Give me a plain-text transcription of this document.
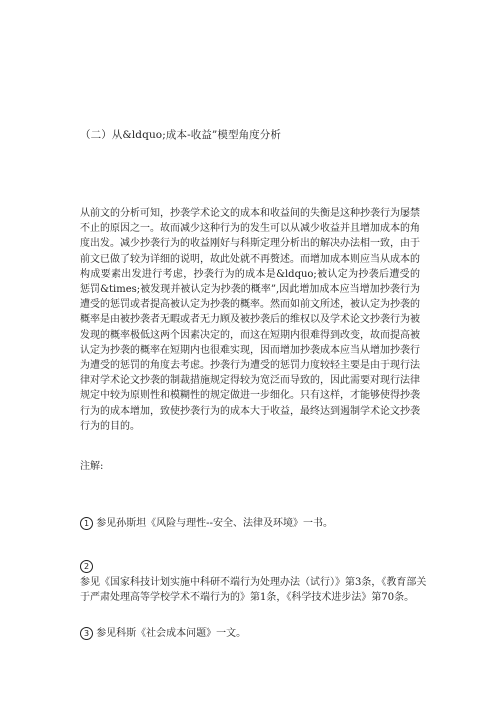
（二）从&ldquo;成本-收益”模型角度分析

从前文的分析可知，抄袭学术论文的成本和收益间的失衡是这种抄袭行为屡禁不止的原因之一。故而减少这种行为的发生可以从减少收益并且增加成本的角度出发。减少抄袭行为的收益刚好与科斯定理分析出的解决办法相一致，由于前文已做了较为详细的说明，故此处就不再赘述。而增加成本则应当从成本的构成要素出发进行考虑，抄袭行为的成本是&ldquo;被认定为抄袭后遭受的惩罚&times;被发现并被认定为抄袭的概率”,因此增加成本应当增加抄袭行为遭受的惩罚或者提高被认定为抄袭的概率。然而如前文所述，被认定为抄袭的概率是由被抄袭者无暇或者无力顾及被抄袭后的维权以及学术论文抄袭行为被发现的概率极低这两个因素决定的，而这在短期内很难得到改变，故而提高被认定为抄袭的概率在短期内也很难实现，因而增加抄袭成本应当从增加抄袭行为遭受的惩罚的角度去考虑。抄袭行为遭受的惩罚力度较轻主要是由于现行法律对学术论文抄袭的制裁措施规定得较为宽泛而导致的，因此需要对现行法律规定中较为原则性和模糊性的规定做进一步细化。只有这样，才能够使得抄袭行为的成本增加，致使抄袭行为的成本大于收益，最终达到遏制学术论文抄袭行为的目的。

注解:

1 参见孙斯坦《风险与理性--安全、法律及环境》一书。

2
参见《国家科技计划实施中科研不端行为处理办法（试行）》第3条，《教育部关于严肃处理高等学校学术不端行为的》第1条，《科学技术进步法》第70条。

3 参见科斯《社会成本问题》一文。
